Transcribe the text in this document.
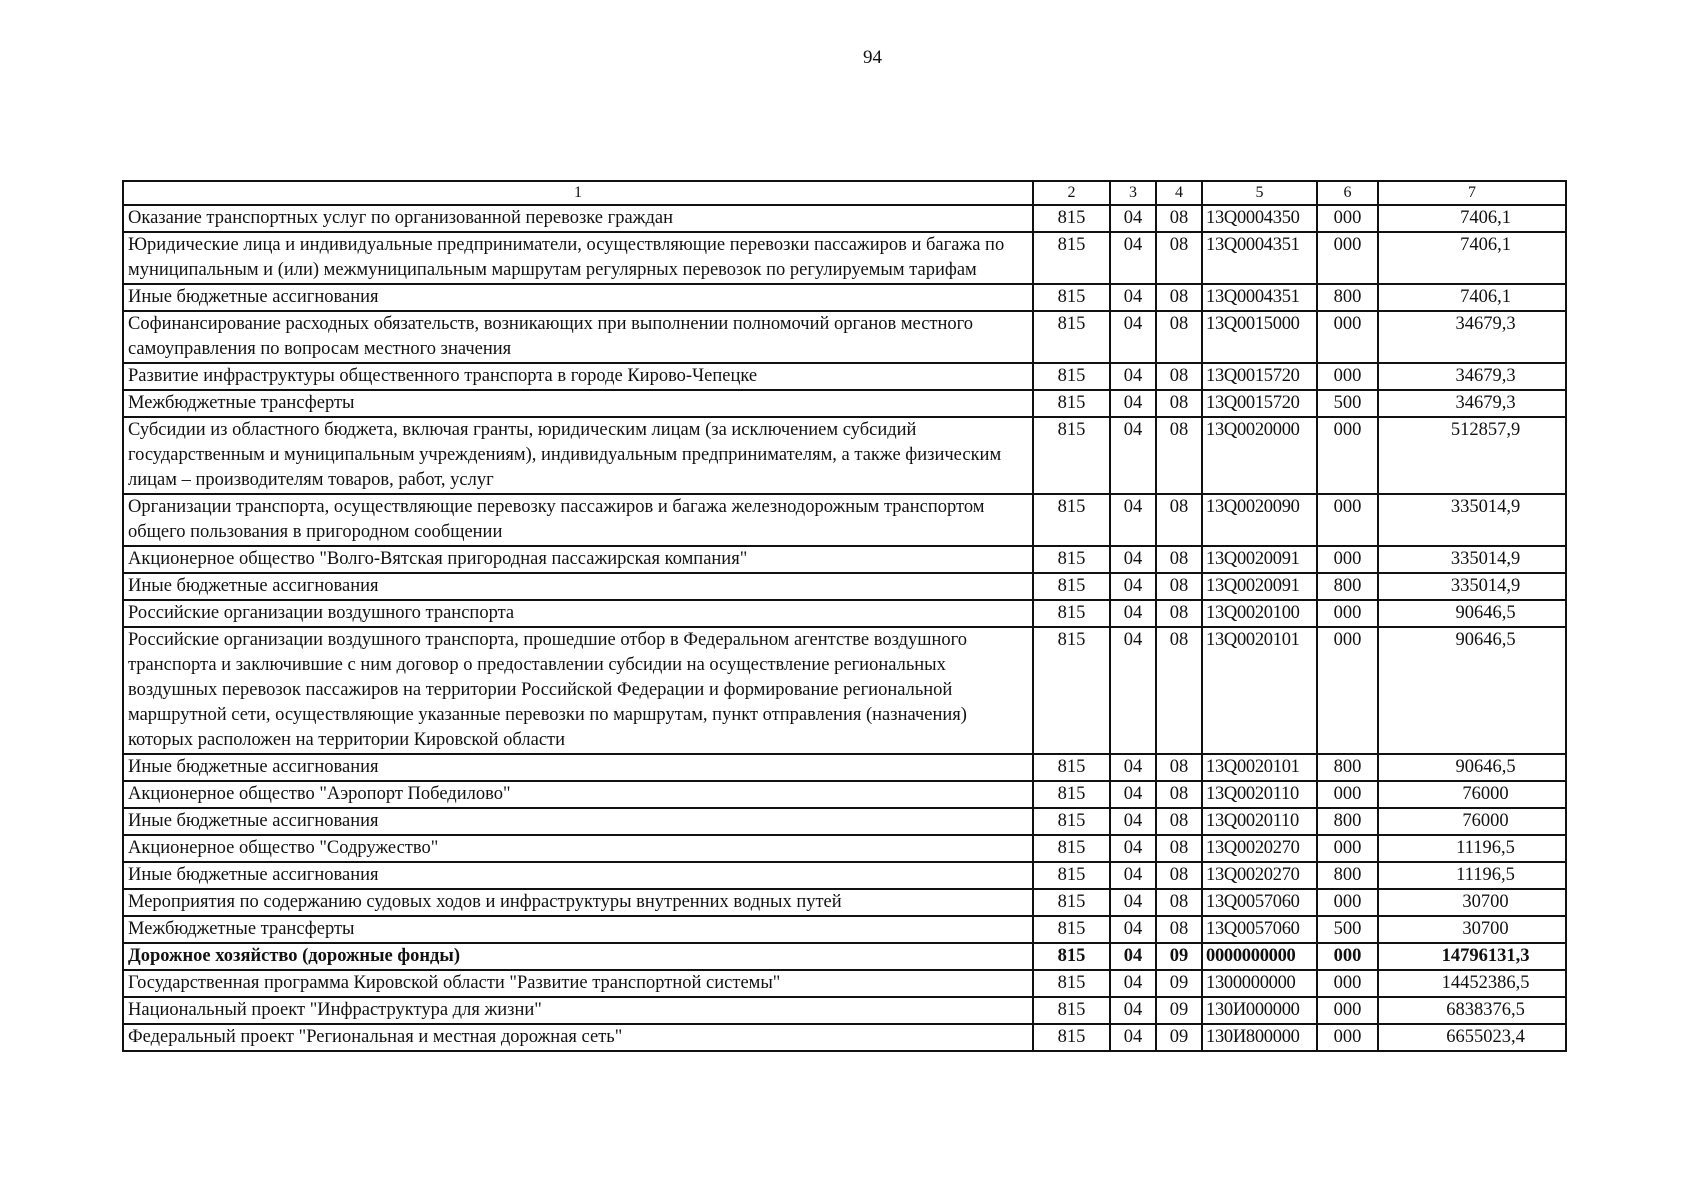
94
1	2	3	4	5	6	7
Оказание транспортных услуг по организованной перевозке граждан	815	04	08	13Q0004350	000	7406,1
Юридические лица и индивидуальные предприниматели, осуществляющие перевозки пассажиров и багажа по муниципальным и (или) межмуниципальным маршрутам регулярных перевозок по регулируемым тарифам	815	04	08	13Q0004351	000	7406,1
Иные бюджетные ассигнования	815	04	08	13Q0004351	800	7406,1
Софинансирование расходных обязательств, возникающих при выполнении полномочий органов местного самоуправления по вопросам местного значения	815	04	08	13Q0015000	000	34679,3
Развитие инфраструктуры общественного транспорта в городе Кирово-Чепецке	815	04	08	13Q0015720	000	34679,3
Межбюджетные трансферты	815	04	08	13Q0015720	500	34679,3
Субсидии из областного бюджета, включая гранты, юридическим лицам (за исключением субсидий государственным и муниципальным учреждениям), индивидуальным предпринимателям, а также физическим лицам – производителям товаров, работ, услуг	815	04	08	13Q0020000	000	512857,9
Организации транспорта, осуществляющие перевозку пассажиров и багажа железнодорожным транспортом общего пользования в пригородном сообщении	815	04	08	13Q0020090	000	335014,9
Акционерное общество "Волго-Вятская пригородная пассажирская компания"	815	04	08	13Q0020091	000	335014,9
Иные бюджетные ассигнования	815	04	08	13Q0020091	800	335014,9
Российские организации воздушного транспорта	815	04	08	13Q0020100	000	90646,5
Российские организации воздушного транспорта, прошедшие отбор в Федеральном агентстве воздушного транспорта и заключившие с ним договор о предоставлении субсидии на осуществление региональных воздушных перевозок пассажиров на территории Российской Федерации и формирование региональной маршрутной сети, осуществляющие указанные перевозки по маршрутам, пункт отправления (назначения) которых расположен на территории Кировской области	815	04	08	13Q0020101	000	90646,5
Иные бюджетные ассигнования	815	04	08	13Q0020101	800	90646,5
Акционерное общество "Аэропорт Победилово"	815	04	08	13Q0020110	000	76000
Иные бюджетные ассигнования	815	04	08	13Q0020110	800	76000
Акционерное общество "Содружество"	815	04	08	13Q0020270	000	11196,5
Иные бюджетные ассигнования	815	04	08	13Q0020270	800	11196,5
Мероприятия по содержанию судовых ходов и инфраструктуры внутренних водных путей	815	04	08	13Q0057060	000	30700
Межбюджетные трансферты	815	04	08	13Q0057060	500	30700
Дорожное хозяйство (дорожные фонды)	815	04	09	0000000000	000	14796131,3
Государственная программа Кировской области "Развитие транспортной системы"	815	04	09	1300000000	000	14452386,5
Национальный проект "Инфраструктура для жизни"	815	04	09	130И000000	000	6838376,5
Федеральный проект "Региональная и местная дорожная сеть"	815	04	09	130И800000	000	6655023,4
